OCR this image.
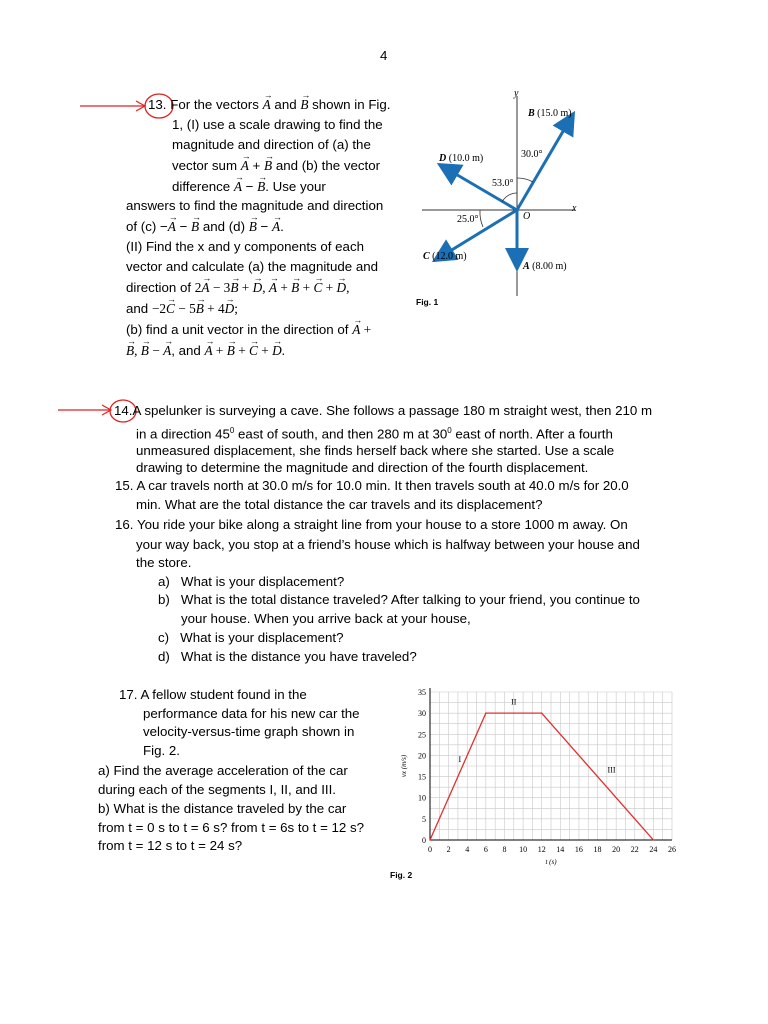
4
13. For the vectors → A and → B shown in Fig.
1, (I) use a scale drawing to find the
magnitude and direction of (a) the
vector sum → A + → B and (b) the vector
difference → A − → B. Use your
answers to find the magnitude and direction
of (c) −→ A − → B and (d) → B − → A.
(II) Find the x and y components of each
vector and calculate (a) the magnitude and
direction of 2→ A − 3→ B + → D, → A + → B + → C + → D,
and −2→ C − 5→ B + 4→ D;
(b) find a unit vector in the direction of → A +
→ B, → B − → A, and → A + → B + → C + → D.
y
x
O
B (15.0 m)
D (10.0 m)
C (12.0 m)
A (8.00 m)
30.0°
53.0°
25.0°
Fig. 1
14.A spelunker is surveying a cave. She follows a passage 180 m straight west, then 210 m
in a direction $45^0$ east of south, and then 280 m at $30^0$ east of north. After a fourth
unmeasured displacement, she finds herself back where she started. Use a scale
drawing to determine the magnitude and direction of the fourth displacement.
15. A car travels north at 30.0 m/s for 10.0 min. It then travels south at 40.0 m/s for 20.0
min. What are the total distance the car travels and its displacement?
16. You ride your bike along a straight line from your house to a store 1000 m away. On
your way back, you stop at a friend’s house which is halfway between your house and
the store.
a) What is your displacement?
b) What is the total distance traveled? After talking to your friend, you continue to
your house. When you arrive back at your house,
c) What is your displacement?
d) What is the distance you have traveled?
17. A fellow student found in the
performance data for his new car the
velocity-versus-time graph shown in
Fig. 2.
a) Find the average acceleration of the car
during each of the segments I, II, and III.
b) What is the distance traveled by the car
from t = 0 s to t = 6 s? from t = 6s to t = 12 s?
from t = 12 s to t = 24 s?	0 2 4 6 8 10 12 14 16 18 20 22 24 26
0
5
10
15
20
25
30
35
t (s)
vx (m/s)	I
II
III
Fig. 2
